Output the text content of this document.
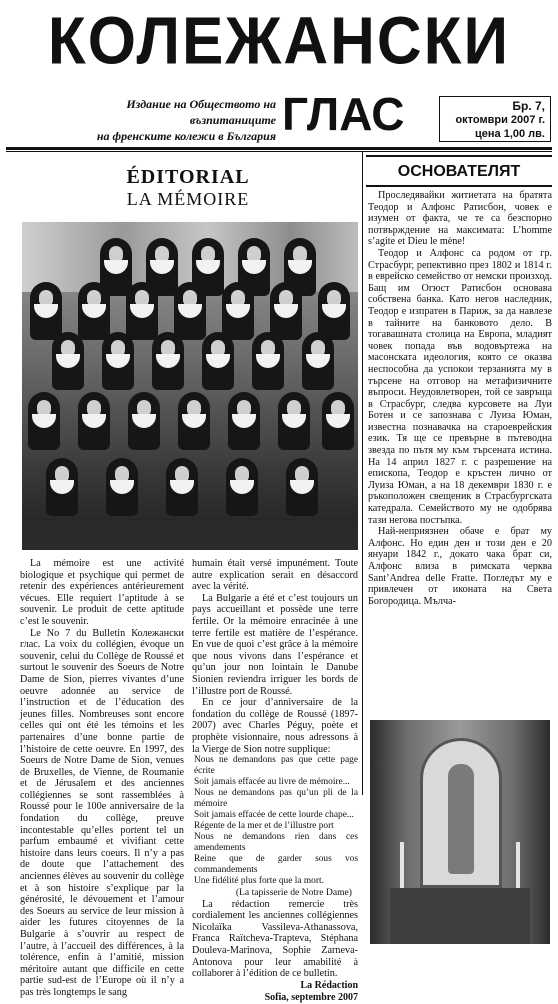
КОЛЕЖАНСКИ
Издание на Обществото на възпитаниците
на френските колежи в България ГЛАС	Бр. 7,
октомври 2007 г.
цена 1,00 лв.
ÉDITORIAL
LA MÉMOIRE

La mémoire est une activité biologique et psychique qui permet de retenir des expériences antérieurement vécues. Elle requiert l’aptitude à se souvenir. Le produit de cette aptitude c’est le souvenir.

Le No 7 du Bulletin Колежански глас. La voix du collégien, évoque un souvenir, celui du Collège de Roussé et surtout le souvenir des Soeurs de Notre Dame de Sion, pierres vivantes d’une oeuvre adonnée au service de l’instruction et de l’éducation des jeunes filles. Nombreuses sont encore celles qui ont été les témoins et les partenaires d’une bonne partie de l’histoire de cette oeuvre. En 1997, des Soeurs de Notre Dame de Sion, venues de Bruxelles, de Vienne, de Roumanie et de Jérusalem et des anciennes collégiennes se sont rassemblées à Roussé pour le 100e anniversaire de la fondation du collège, preuve incontestable qu’elles portent tel un parfum embaumé et vivifiant cette histoire dans leurs coeurs. Il n’y a pas de doute que l’attachement des anciennes élèves au souvenir du collège et à son histoire s’explique par la générosité, le dévouement et l’amour des Soeurs au service de leur mission à aider les futures citoyennes de la Bulgarie à s’ouvrir au respect de l’autre, à l’accueil des différences, à la tolérence, enfin à l’amitié, mission méritoire autant que difficile en cette partie sud-est de l’Europe où il n’y a pas très longtemps le sang

humain était versé impunément. Toute autre explication serait en désaccord avec la vérité.

La Bulgarie a été et c’est toujours un pays accueillant et possède une terre fertile. Or la mémoire enracinée à une terre fertile est matière de l’espérance. En vue de quoi c’est grâce à la mémoire que nous vivons dans l’espérance et qu’un jour non lointain le Danube Sionien reviendra irriguer les bords de l’illustre port de Roussé.

En ce jour d’anniversaire de la fondation du collège de Roussé (1897-2007) avec Charles Péguy, poète et prophète visionnaire, nous adressons à la Vierge de Sion notre supplique:

Nous ne demandons pas que cette page écrite
Soit jamais effacée au livre de mémoire...
Nous ne demandons pas qu’un pli de la mémoire
Soit jamais effacée de cette lourde chape...
Régente de la mer et de l’illustre port
Nous ne demandons rien dans ces amendements
Reine que de garder sous vos commandements
Une fidélité plus forte que la mort.
(La tapisserie de Notre Dame)

La rédaction remercie très cordialement les anciennes collégiennes Nicolaïka Vassileva-Athanassova, Franca Raïtcheva-Trapteva, Stéphana Douleva-Marinova, Sophie Zarneva-Antonova pour leur amabilité à collaborer à l’édition de ce bulletin.

La Rédaction
Sofia, septembre 2007
ОСНОВАТЕЛЯТ

Проследявайки житиетата на братята Теодор и Алфонс Ратисбон, човек е изумен от факта, че те са безспорно потвърждение на максимата: L’homme s’agite et Dieu le mène!

Теодор и Алфонс са родом от гр. Страсбург, репективно през 1802 и 1814 г. в еврейско семейство от немски произход. Бащ им Огюст Ратисбон основава собствена банка. Като негов наследник, Теодор е изпратен в Париж, за да навлезе в тайните на банковото дело. В тогавашната столица на Европа, младият човек попада във водовъртежа на масонската идеология, която се оказва неспособна да успокои терзанията му в търсене на отговор на метафизичните въпроси. Неудовлетворен, той се завръща в Страсбург, следва курсовете на Луи Ботен и се запознава с Луиза Юман, известна познавачка на староеврейския език. Тя ще се превърне в пътеводна звезда по пътя му към търсената истина. На 14 април 1827 г. с разрешение на епископа, Теодор е кръстен лично от Луиза Юман, а на 18 декември 1830 г. е ръкоположен свещеник в Страсбургската катедрала. Семейството му не одобрява тази негова постъпка.

Най-неприязнен обаче е брат му Алфонс. Но един ден и този ден е 20 януари 1842 г., докато чака брат си, Алфонс влиза в римската черква Sant’Andrea delle Fratte. Погледът му е привлечен от иконата на Света Богородица. Мълча-
